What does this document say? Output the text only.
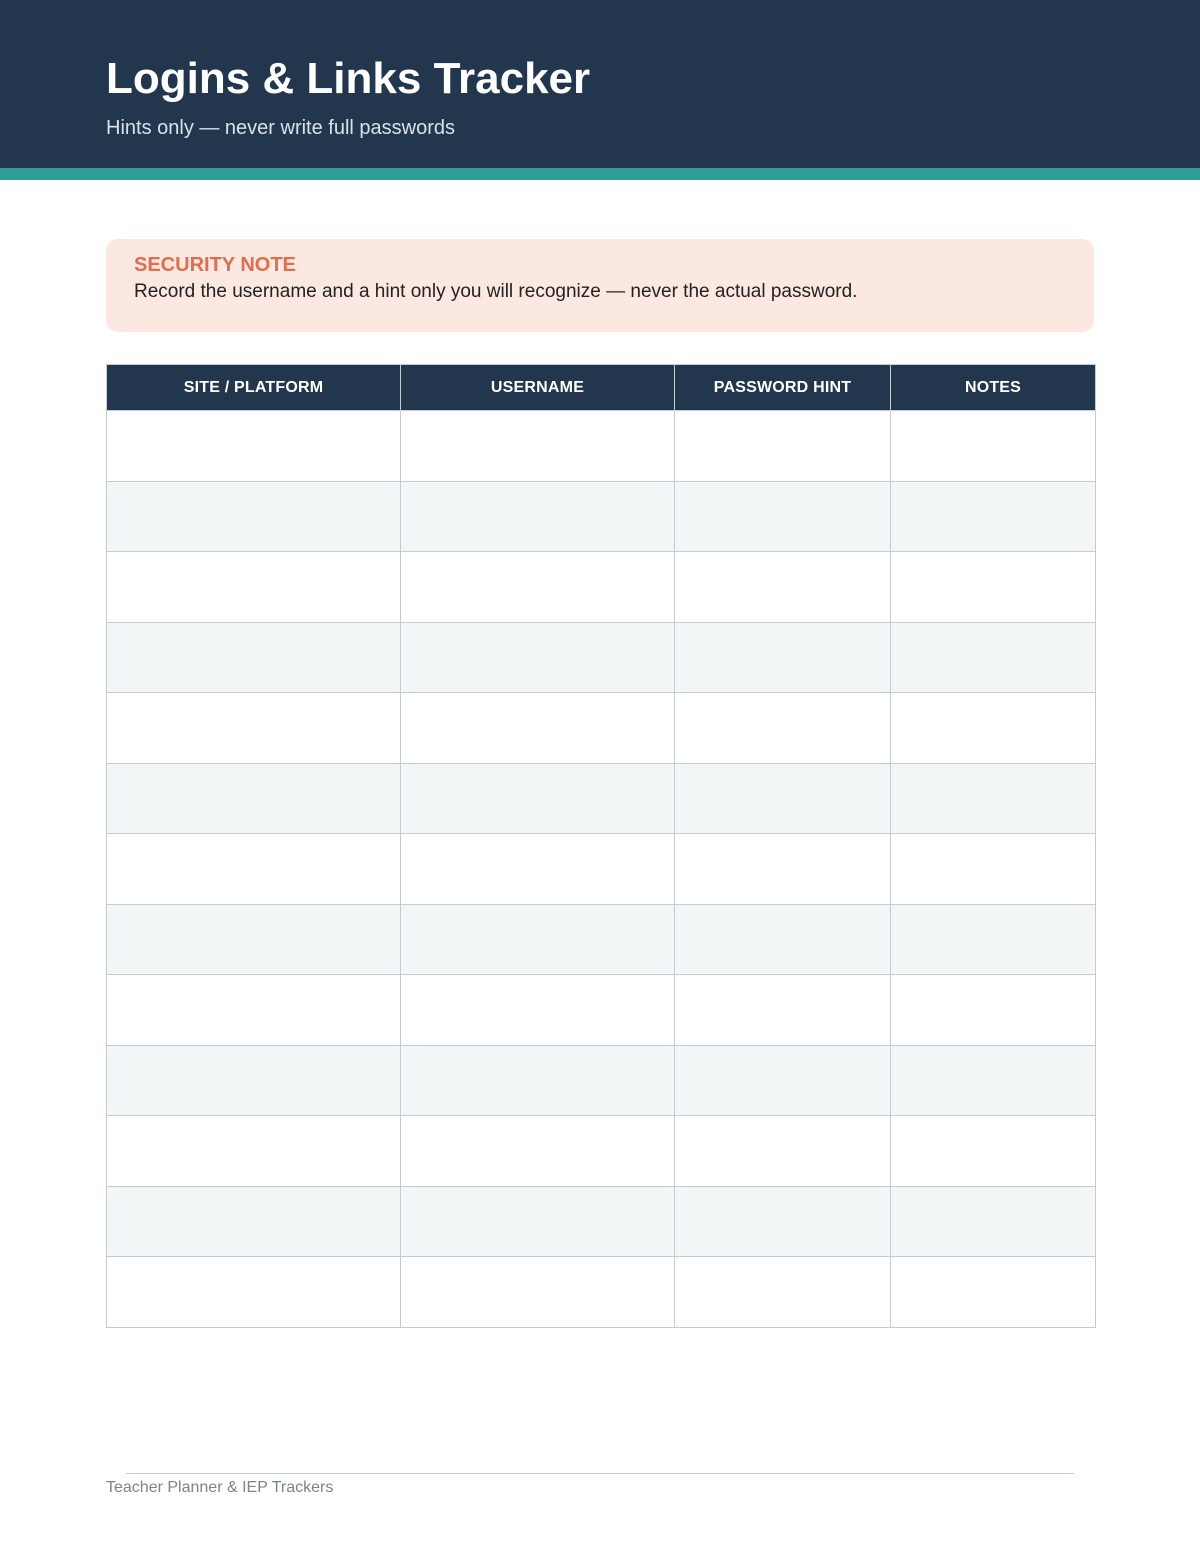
Logins & Links Tracker

Hints only — never write full passwords

SECURITY NOTE
Record the username and a hint only you will recognize — never the actual password.
SITE / PLATFORM	USERNAME	PASSWORD HINT	NOTES

Teacher Planner & IEP Trackers
